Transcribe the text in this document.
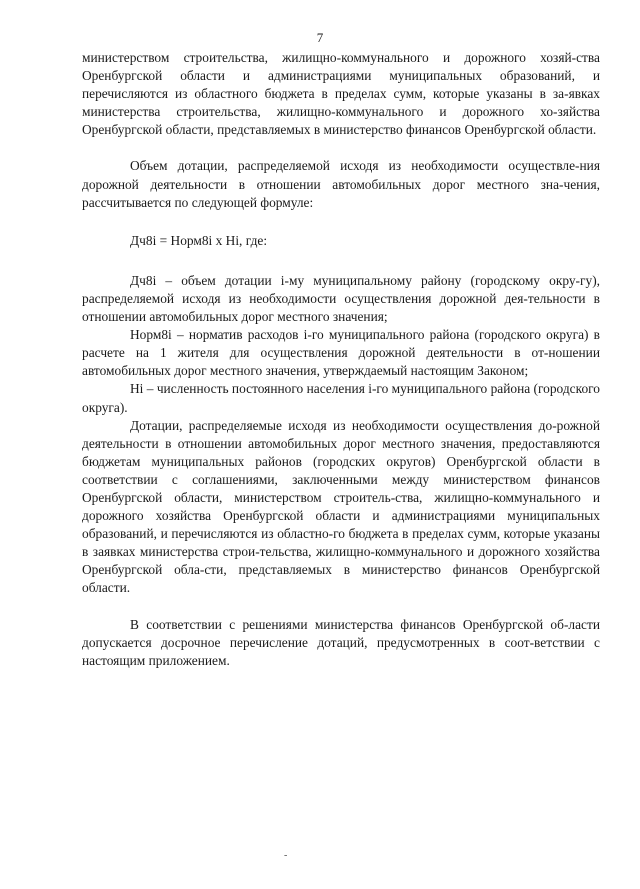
7

министерством строительства, жилищно-коммунального и дорожного хозяй-ства Оренбургской области и администрациями муниципальных образований, и перечисляются из областного бюджета в пределах сумм, которые указаны в за-явках министерства строительства, жилищно-коммунального и дорожного хо-зяйства Оренбургской области, представляемых в министерство финансов Оренбургской области.

Объем дотации, распределяемой исходя из необходимости осуществле-ния дорожной деятельности в отношении автомобильных дорог местного зна-чения, рассчитывается по следующей формуле:

Дч8i = Норм8i x Ні, где:

Дч8i – объем дотации і-му муниципальному району (городскому окру-гу), распределяемой исходя из необходимости осуществления дорожной дея-тельности в отношении автомобильных дорог местного значения;

Норм8i – норматив расходов і-го муниципального района (городского округа) в расчете на 1 жителя для осуществления дорожной деятельности в от-ношении автомобильных дорог местного значения, утверждаемый настоящим Законом;

Ні – численность постоянного населения і-го муниципального района (городского округа).

Дотации, распределяемые исходя из необходимости осуществления до-рожной деятельности в отношении автомобильных дорог местного значения, предоставляются бюджетам муниципальных районов (городских округов) Оренбургской области в соответствии с соглашениями, заключенными между министерством финансов Оренбургской области, министерством строитель-ства, жилищно-коммунального и дорожного хозяйства Оренбургской области и администрациями муниципальных образований, и перечисляются из областно-го бюджета в пределах сумм, которые указаны в заявках министерства строи-тельства, жилищно-коммунального и дорожного хозяйства Оренбургской обла-сти, представляемых в министерство финансов Оренбургской области.

В соответствии с решениями министерства финансов Оренбургской об-ласти допускается досрочное перечисление дотаций, предусмотренных в соот-ветствии с настоящим приложением.

-
